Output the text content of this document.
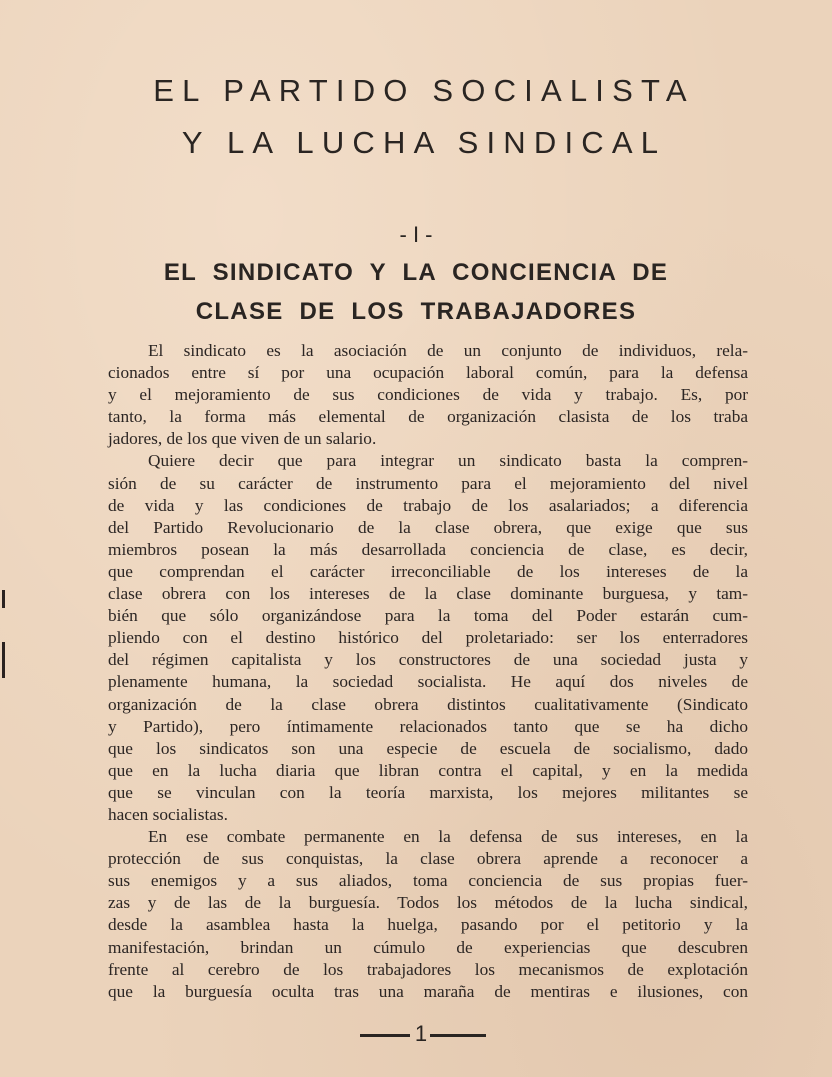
EL PARTIDO SOCIALISTA
Y LA LUCHA SINDICAL
- I -
EL SINDICATO Y LA CONCIENCIA DE
CLASE DE LOS TRABAJADORES
El sindicato es la asociación de un conjunto de individuos, rela-
cionados entre sí por una ocupación laboral común, para la defensa
y el mejoramiento de sus condiciones de vida y trabajo. Es, por
tanto, la forma más elemental de organización clasista de los traba
jadores, de los que viven de un salario.
Quiere decir que para integrar un sindicato basta la compren-
sión de su carácter de instrumento para el mejoramiento del nivel
de vida y las condiciones de trabajo de los asalariados; a diferencia
del Partido Revolucionario de la clase obrera, que exige que sus
miembros posean la más desarrollada conciencia de clase, es decir,
que comprendan el carácter irreconciliable de los intereses de la
clase obrera con los intereses de la clase dominante burguesa, y tam-
bién que sólo organizándose para la toma del Poder estarán cum-
pliendo con el destino histórico del proletariado: ser los enterradores
del régimen capitalista y los constructores de una sociedad justa y
plenamente humana, la sociedad socialista. He aquí dos niveles de
organización de la clase obrera distintos cualitativamente (Sindicato
y Partido), pero íntimamente relacionados tanto que se ha dicho
que los sindicatos son una especie de escuela de socialismo, dado
que en la lucha diaria que libran contra el capital, y en la medida
que se vinculan con la teoría marxista, los mejores militantes se
hacen socialistas.
En ese combate permanente en la defensa de sus intereses, en la
protección de sus conquistas, la clase obrera aprende a reconocer a
sus enemigos y a sus aliados, toma conciencia de sus propias fuer-
zas y de las de la burguesía. Todos los métodos de la lucha sindical,
desde la asamblea hasta la huelga, pasando por el petitorio y la
manifestación, brindan un cúmulo de experiencias que descubren
frente al cerebro de los trabajadores los mecanismos de explotación
que la burguesía oculta tras una maraña de mentiras e ilusiones, con
1
